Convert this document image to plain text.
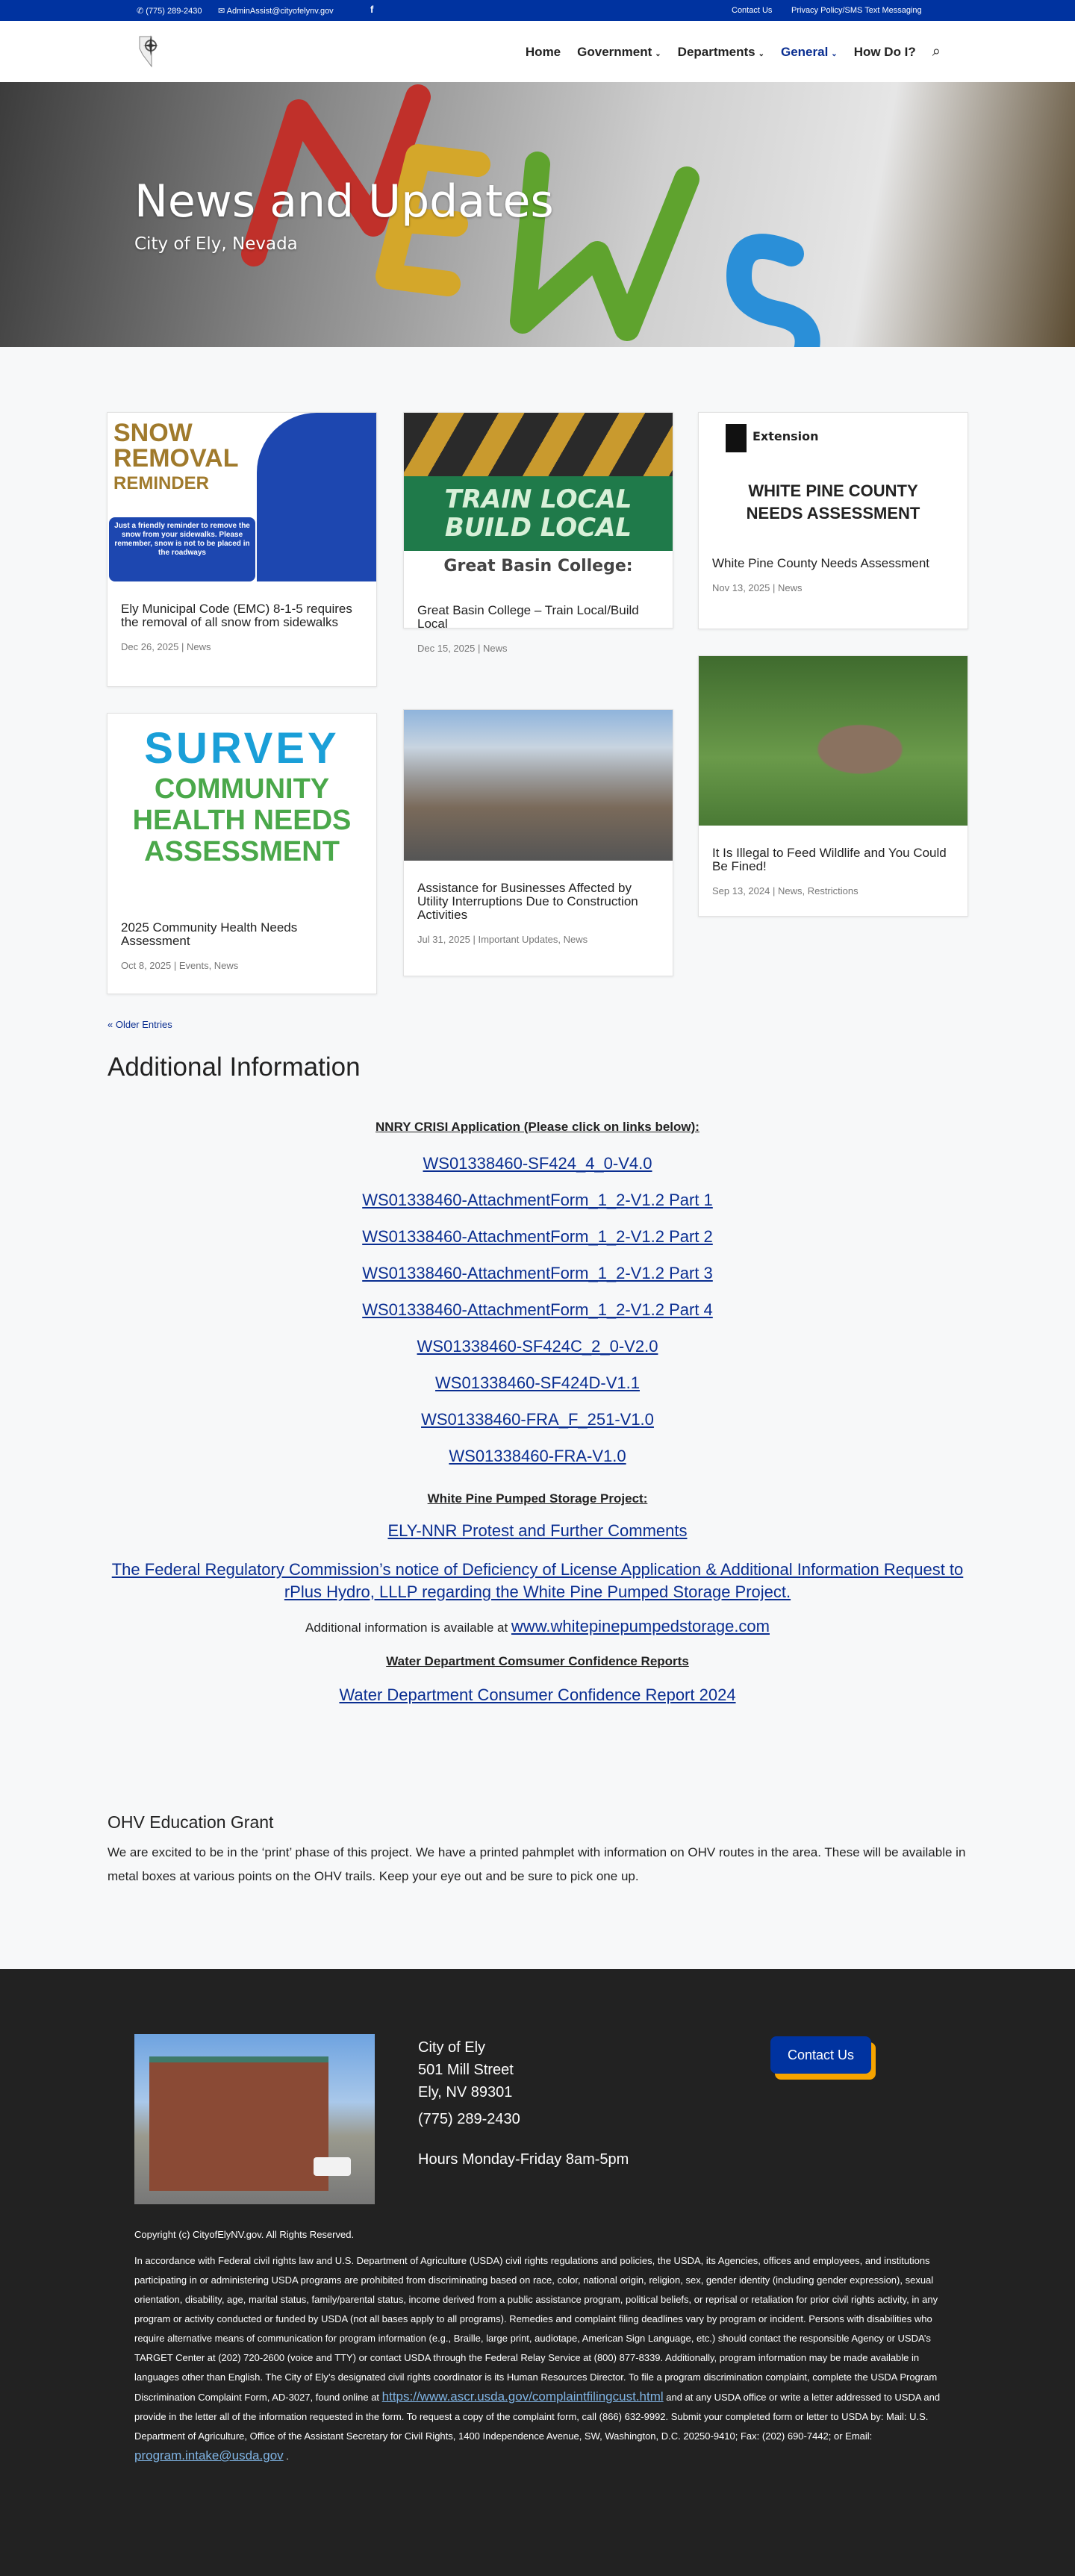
✆ (775) 289-2430 ✉ AdminAssist@cityofelynv.gov	f	Contact Us Privacy Policy/SMS Text Messaging
Home Government ⌄ Departments ⌄ General ⌄ How Do I? ⌕
News and Updates
City of Ely, Nevada
SNOW
REMOVAL
REMINDER
Just a friendly reminder to remove the snow from your sidewalks. Please remember, snow is not to be placed in the roadways
Ely Municipal Code (EMC) 8-1-5 requires the removal of all snow from sidewalks
Dec 26, 2025 | News
TRAIN LOCAL
BUILD LOCAL
Great Basin College:
Great Basin College – Train Local/Build Local
Dec 15, 2025 | News
Extension
WHITE PINE COUNTY
NEEDS ASSESSMENT
White Pine County Needs Assessment
Nov 13, 2025 | News
SURVEY
COMMUNITY
HEALTH NEEDS
ASSESSMENT
2025 Community Health Needs Assessment
Oct 8, 2025 | Events, News
Assistance for Businesses Affected by Utility Interruptions Due to Construction Activities
Jul 31, 2025 | Important Updates, News
It Is Illegal to Feed Wildlife and You Could Be Fined!
Sep 13, 2024 | News, Restrictions
« Older Entries
Additional Information
NNRY CRISI Application (Please click on links below):
WS01338460-SF424_4_0-V4.0
WS01338460-AttachmentForm_1_2-V1.2 Part 1
WS01338460-AttachmentForm_1_2-V1.2 Part 2
WS01338460-AttachmentForm_1_2-V1.2 Part 3
WS01338460-AttachmentForm_1_2-V1.2 Part 4
WS01338460-SF424C_2_0-V2.0
WS01338460-SF424D-V1.1
WS01338460-FRA_F_251-V1.0
WS01338460-FRA-V1.0
White Pine Pumped Storage Project:
ELY-NNR Protest and Further Comments
The Federal Regulatory Commission’s notice of Deficiency of License Application & Additional Information Request to rPlus Hydro, LLLP regarding the White Pine Pumped Storage Project.
Additional information is available at www.whitepinepumpedstorage.com
Water Department Comsumer Confidence Reports
Water Department Consumer Confidence Report 2024
OHV Education Grant

We are excited to be in the ‘print’ phase of this project. We have a printed pahmplet with information on OHV routes in the area. These will be available in metal boxes at various points on the OHV trails. Keep your eye out and be sure to pick one up.

City of Ely
501 Mill Street
Ely, NV 89301
(775) 289-2430
Hours Monday-Friday 8am-5pm
Contact Us
Copyright (c) CityofElyNV.gov. All Rights Reserved.

In accordance with Federal civil rights law and U.S. Department of Agriculture (USDA) civil rights regulations and policies, the USDA, its Agencies, offices and employees, and institutions participating in or administering USDA programs are prohibited from discriminating based on race, color, national origin, religion, sex, gender identity (including gender expression), sexual orientation, disability, age, marital status, family/parental status, income derived from a public assistance program, political beliefs, or reprisal or retaliation for prior civil rights activity, in any program or activity conducted or funded by USDA (not all bases apply to all programs). Remedies and complaint filing deadlines vary by program or incident. Persons with disabilities who require alternative means of communication for program information (e.g., Braille, large print, audiotape, American Sign Language, etc.) should contact the responsible Agency or USDA’s TARGET Center at (202) 720-2600 (voice and TTY) or contact USDA through the Federal Relay Service at (800) 877-8339. Additionally, program information may be made available in languages other than English. The City of Ely’s designated civil rights coordinator is its Human Resources Director. To file a program discrimination complaint, complete the USDA Program Discrimination Complaint Form, AD-3027, found online at https://www.ascr.usda.gov/complaintfilingcust.html and at any USDA office or write a letter addressed to USDA and provide in the letter all of the information requested in the form. To request a copy of the complaint form, call (866) 632-9992. Submit your completed form or letter to USDA by: Mail: U.S. Department of Agriculture, Office of the Assistant Secretary for Civil Rights, 1400 Independence Avenue, SW, Washington, D.C. 20250-9410; Fax: (202) 690-7442; or Email: program.intake@usda.gov .
